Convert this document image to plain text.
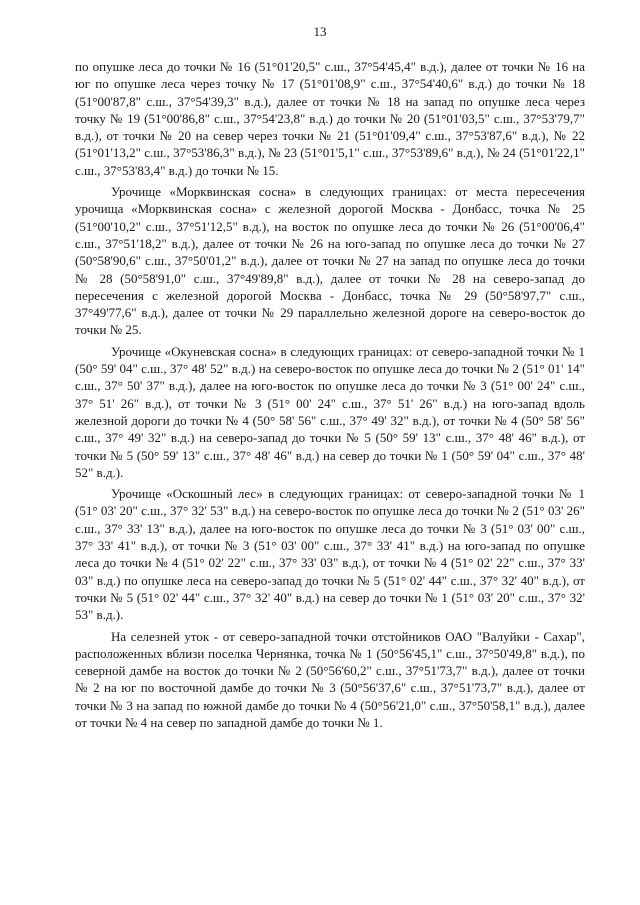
13

по опушке леса до точки № 16 (51°01'20,5" с.ш., 37°54'45,4" в.д.), далее от точки № 16 на юг по опушке леса через точку № 17 (51°01'08,9" с.ш., 37°54'40,6" в.д.) до точки № 18 (51°00'87,8" с.ш., 37°54'39,3" в.д.), далее от точки № 18 на запад по опушке леса через точку № 19 (51°00'86,8" с.ш., 37°54'23,8" в.д.) до точки № 20 (51°01'03,5" с.ш., 37°53'79,7" в.д.), от точки № 20 на север через точки № 21 (51°01'09,4" с.ш., 37°53'87,6" в.д.), № 22 (51°01'13,2" с.ш., 37°53'86,3" в.д.), № 23 (51°01'5,1" с.ш., 37°53'89,6" в.д.), № 24 (51°01'22,1" с.ш., 37°53'83,4" в.д.) до точки № 15.

Урочище «Морквинская сосна» в следующих границах: от места пересечения урочища «Морквинская сосна» с железной дорогой Москва - Донбасс, точка № 25 (51°00'10,2" с.ш., 37°51'12,5" в.д.), на восток по опушке леса до точки № 26 (51°00'06,4" с.ш., 37°51'18,2" в.д.), далее от точки № 26 на юго-запад по опушке леса до точки № 27 (50°58'90,6" с.ш., 37°50'01,2" в.д.), далее от точки № 27 на запад по опушке леса до точки № 28 (50°58'91,0" с.ш., 37°49'89,8" в.д.), далее от точки № 28 на северо-запад до пересечения с железной дорогой Москва - Донбасс, точка № 29 (50°58'97,7" с.ш., 37°49'77,6" в.д.), далее от точки № 29 параллельно железной дороге на северо-восток до точки № 25.

Урочище «Окуневская сосна» в следующих границах: от северо-западной точки № 1 (50° 59' 04" с.ш., 37° 48' 52" в.д.) на северо-восток по опушке леса до точки № 2 (51° 01' 14" с.ш., 37° 50' 37" в.д.), далее на юго-восток по опушке леса до точки № 3 (51° 00' 24" с.ш., 37° 51' 26" в.д.), от точки № 3 (51° 00' 24" с.ш., 37° 51' 26" в.д.) на юго-запад вдоль железной дороги до точки № 4 (50° 58' 56" с.ш., 37° 49' 32" в.д.), от точки № 4 (50° 58' 56" с.ш., 37° 49' 32" в.д.) на северо-запад до точки № 5 (50° 59' 13" с.ш., 37° 48' 46" в.д.), от точки № 5 (50° 59' 13" с.ш., 37° 48' 46" в.д.) на север до точки № 1 (50° 59' 04" с.ш., 37° 48' 52" в.д.).

Урочище «Оскошный лес» в следующих границах: от северо-западной точки № 1 (51° 03' 20" с.ш., 37° 32' 53" в.д.) на северо-восток по опушке леса до точки № 2 (51° 03' 26" с.ш., 37° 33' 13" в.д.), далее на юго-восток по опушке леса до точки № 3 (51° 03' 00" с.ш., 37° 33' 41" в.д.), от точки № 3 (51° 03' 00" с.ш., 37° 33' 41" в.д.) на юго-запад по опушке леса до точки № 4 (51° 02' 22" с.ш., 37° 33' 03" в.д.), от точки № 4 (51° 02' 22" с.ш., 37° 33' 03" в.д.) по опушке леса на северо-запад до точки № 5 (51° 02' 44" с.ш., 37° 32' 40" в.д.), от точки № 5 (51° 02' 44" с.ш., 37° 32' 40" в.д.) на север до точки № 1 (51° 03' 20" с.ш., 37° 32' 53" в.д.).

На селезней уток - от северо-западной точки отстойников ОАО "Валуйки - Сахар", расположенных вблизи поселка Чернянка, точка № 1 (50°56'45,1" с.ш., 37°50'49,8" в.д.), по северной дамбе на восток до точки № 2 (50°56'60,2" с.ш., 37°51'73,7" в.д.), далее от точки № 2 на юг по восточной дамбе до точки № 3 (50°56'37,6" с.ш., 37°51'73,7" в.д.), далее от точки № 3 на запад по южной дамбе до точки № 4 (50°56'21,0" с.ш., 37°50'58,1" в.д.), далее от точки № 4 на север по западной дамбе до точки № 1.
